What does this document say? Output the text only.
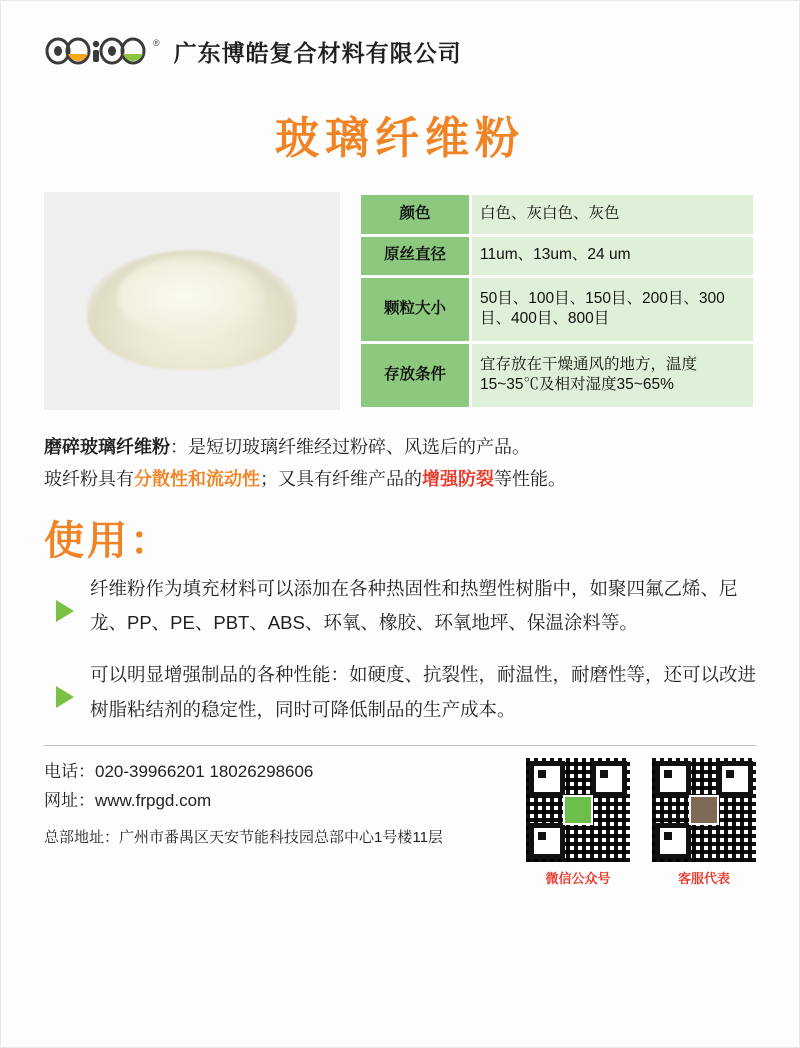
® 广东博皓复合材料有限公司
玻璃纤维粉
颜色	白色、灰白色、灰色
原丝直径	11um、13um、24 um
颗粒大小	50目、100目、150目、200目、300目、400目、800目
存放条件	宜存放在干燥通风的地方，温度15~35℃及相对湿度35~65%
磨碎玻璃纤维粉：是短切玻璃纤维经过粉碎、风选后的产品。
玻纤粉具有分散性和流动性；又具有纤维产品的增强防裂等性能。
使用：
纤维粉作为填充材料可以添加在各种热固性和热塑性树脂中，如聚四氟乙烯、尼龙、PP、PE、PBT、ABS、环氧、橡胶、环氧地坪、保温涂料等。
可以明显增强制品的各种性能：如硬度、抗裂性，耐温性，耐磨性等，还可以改进树脂粘结剂的稳定性，同时可降低制品的生产成本。
电话：020-39966201 18026298606
网址：www.frpgd.com
总部地址：广州市番禺区天安节能科技园总部中心1号楼11层
微信公众号	客服代表
